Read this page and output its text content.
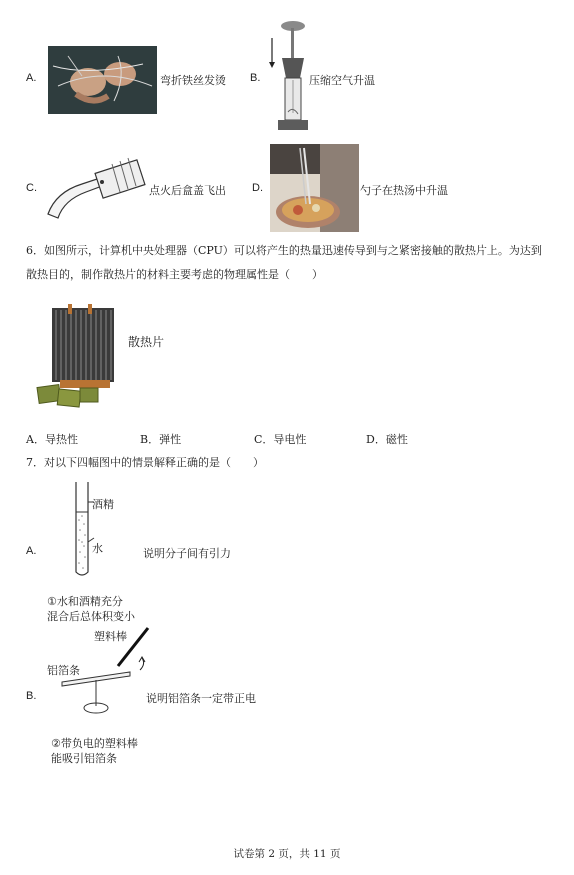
A.	弯折铁丝发烫 B.	压缩空气升温
C.	点火后盒盖飞出 D.	勺子在热汤中升温
6．如图所示，计算机中央处理器（CPU）可以将产生的热量迅速传导到与之紧密接触的散热片上。为达到
散热目的，制作散热片的材料主要考虑的物理属性是（　　）
散热片
A．导热性	B．弹性	C．导电性	D．磁性
7．对以下四幅图中的情景解释正确的是（　　）
A.
酒精
水	说明分子间有引力
①水和酒精充分
混合后总体积变小
塑料棒
铝箔条
B.	说明铝箔条一定带正电
②带负电的塑料棒
能吸引铝箔条
试卷第 2 页，共 11 页
